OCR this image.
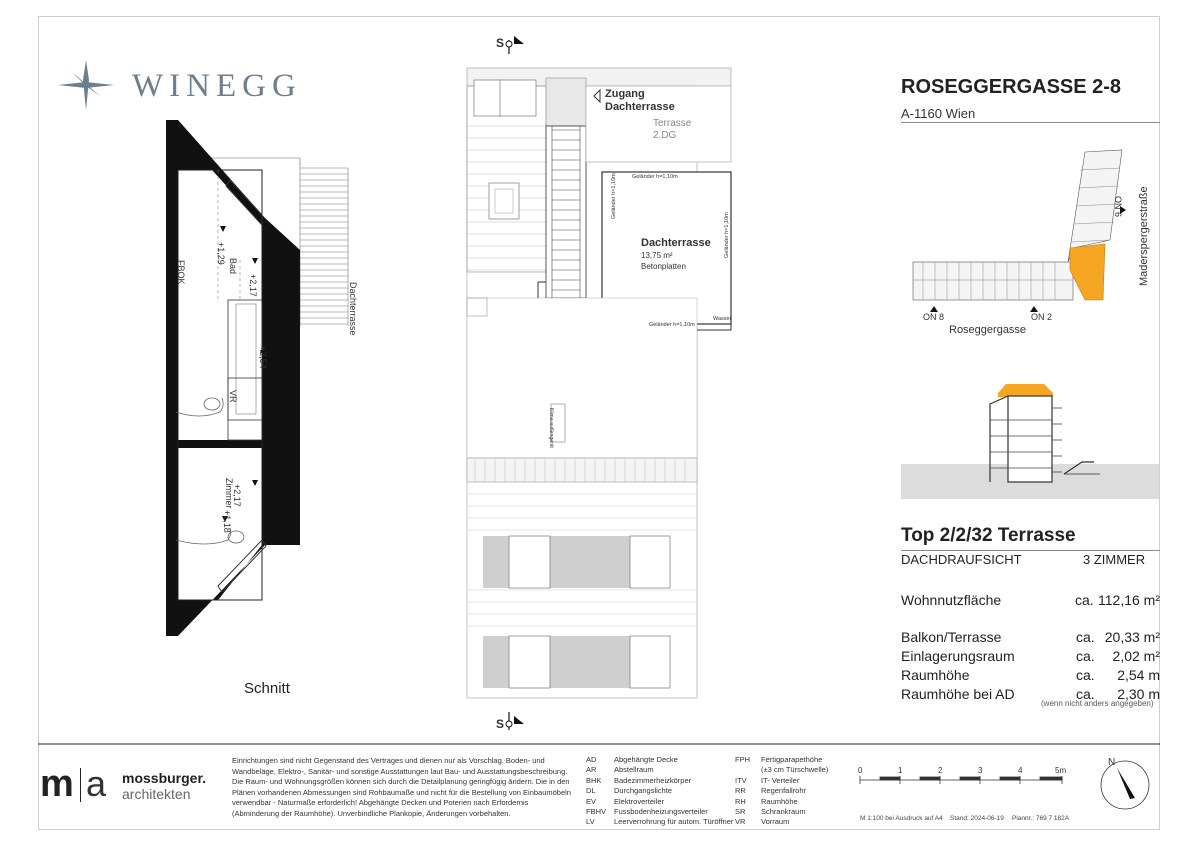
WINEGG	ROSEGGERGASSE 2-8
A-1160 Wien
ON 6 Maderspergerstraße
ON 8	ON 2
Roseggergasse
+1,29
+2,17
Bad
FBOK
+2,54
VR
+2,17
Zimmer
+1,18
Dachterrasse
Schnitt
S
S
Zugang
Dachterrasse
Terrasse
2.DG
Dachterrasse
13,75 m²
Betonplatten
Geländer h=1,10m
Geländer h=1,10m
Geländer h=1,10m
Geländer h=1,10m
Wasser
Klima-außengerät
Top 2/2/32 Terrasse
DACHDRAUFSICHT	3 ZIMMER
Wohnnutzfläche	ca. 112,16 m²
Balkon/Terrasse	ca. 20,33 m²
Einlagerungsraum	ca. 2,02 m²
Raumhöhe	ca. 2,54 m
Raumhöhe bei AD	ca. 2,30 m
(wenn nicht anders angegeben)
m a mossburger.
architekten
Einrichtungen sind nicht Gegenstand des Vertrages und dienen nur als Vorschlag. Boden- und Wandbeläge, Elektro-, Sanitär- und sonstige Ausstattungen laut Bau- und Ausstattungsbeschreibung. Die Raum- und Wohnungsgrößen können sich durch die Detailplanung geringfügig ändern. Die in den Plänen vorhandenen Abmessungen sind Rohbaumaße und nicht für die Bestellung von Einbaumöbeln verwendbar - Naturmaße erforderlich! Abgehängte Decken und Poterien nach Erfordernis (Abminderung der Raumhöhe). Unverbindliche Plankopie, Änderungen vorbehalten.
AD Abgehängte Decke
AR Abstellraum
BHK Badezimmerheizkörper
DL Durchgangslichte
EV Elektroverteiler
FBHV Fussbodenheizungsverteiler
LV	Leerverrohrung für autom. Türöffner
FPH Fertigparapethöhe
(±3 cm Türschwelle)
ITV IT- Verteiler
RR Regenfallrohr
RH Raumhöhe
SR Schrankraum
VR Vorraum
0	1	2	3	4	5m
M 1:100 bei Ausdruck auf A4 Stand: 2024-06-19 Plannr.: 769 7 182A
N
